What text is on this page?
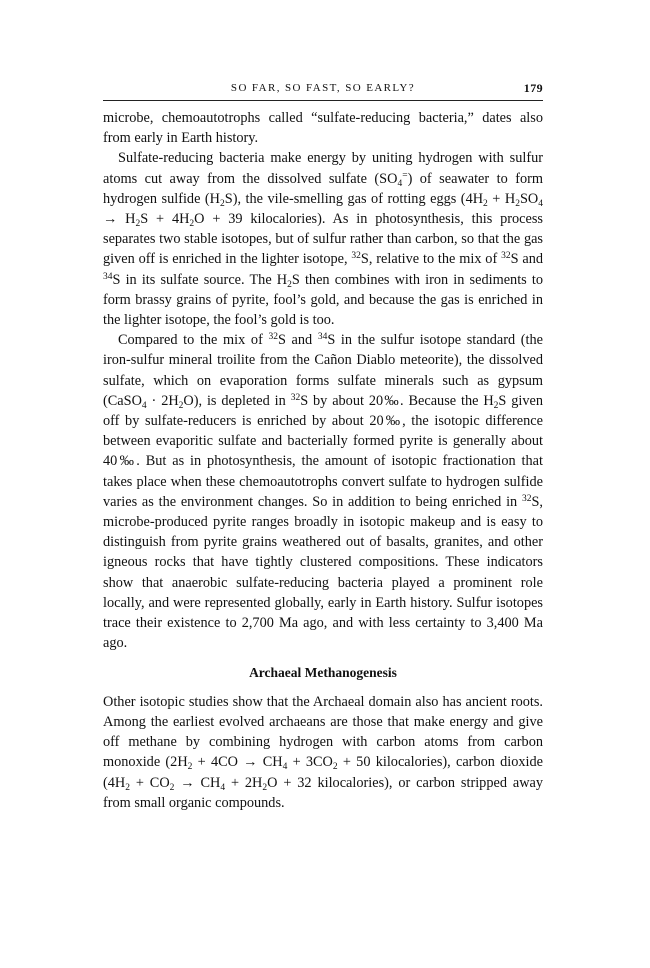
SO FAR, SO FAST, SO EARLY?	179

microbe, chemoautotrophs called “sulfate-reducing bacteria,” dates also from early in Earth history.

Sulfate-reducing bacteria make energy by uniting hydrogen with sulfur atoms cut away from the dissolved sulfate $(SO_4^=)$ of seawater to form hydrogen sulfide $(H_2S)$, the vile-smelling gas of rotting eggs ($4H_2 + H_2SO_4 \to H_2S + 4H_2O + 39$ kilocalories). As in photosynthesis, this process separates two stable isotopes, but of sulfur rather than carbon, so that the gas given off is enriched in the lighter isotope, $^{32}$S, relative to the mix of $^{32}$S and $^{34}$S in its sulfate source. The $H_2S$ then combines with iron in sediments to form brassy grains of pyrite, fool’s gold, and because the gas is enriched in the lighter isotope, the fool’s gold is too.

Compared to the mix of $^{32}$S and $^{34}$S in the sulfur isotope standard (the iron-sulfur mineral troilite from the Cañon Diablo meteorite), the dissolved sulfate, which on evaporation forms sulfate minerals such as gypsum (CaSO$_4$ · $2H_2O$), is depleted in $^{32}$S by about 20‰. Because the $H_2S$ given off by sulfate-reducers is enriched by about 20‰, the isotopic difference between evaporitic sulfate and bacterially formed pyrite is generally about 40‰. But as in photosynthesis, the amount of isotopic fractionation that takes place when these chemoautotrophs convert sulfate to hydrogen sulfide varies as the environment changes. So in addition to being enriched in $^{32}$S, microbe-produced pyrite ranges broadly in isotopic makeup and is easy to distinguish from pyrite grains weathered out of basalts, granites, and other igneous rocks that have tightly clustered compositions. These indicators show that anaerobic sulfate-reducing bacteria played a prominent role locally, and were represented globally, early in Earth history. Sulfur isotopes trace their existence to 2,700 Ma ago, and with less certainty to 3,400 Ma ago.

Archaeal Methanogenesis

Other isotopic studies show that the Archaeal domain also has ancient roots. Among the earliest evolved archaeans are those that make energy and give off methane by combining hydrogen with carbon atoms from carbon monoxide ($2H_2 + 4CO \to CH_4 + 3CO_2 + 50$ kilocalories), carbon dioxide ($4H_2 + CO_2 \to CH_4 + 2H_2O + 32$ kilocalories), or carbon stripped away from small organic compounds.
